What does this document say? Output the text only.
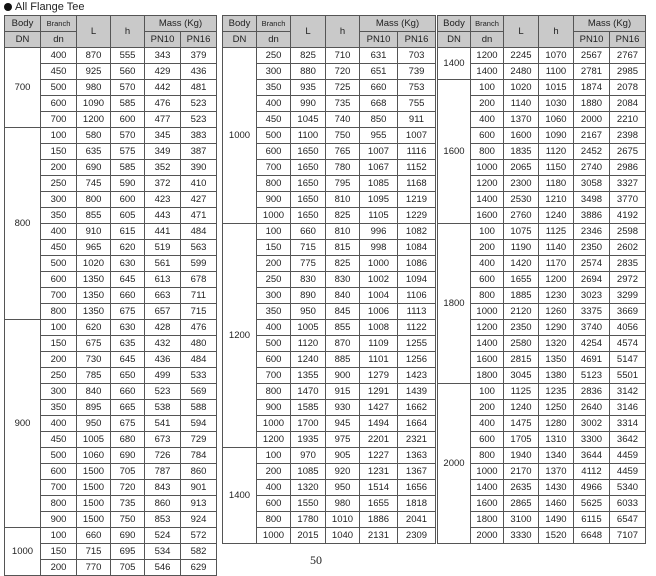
All Flange Tee
Body	Branch	L	h	Mass (Kg)	
DN	dn			PN10	PN16
700	400	870	555	343	379
	450	925	560	429	436
	500	980	570	442	481
	600	1090	585	476	523
	700	1200	600	477	523
800	100	580	570	345	383
	150	635	575	349	387
	200	690	585	352	390
	250	745	590	372	410
	300	800	600	423	427
	350	855	605	443	471
	400	910	615	441	484
	450	965	620	519	563
	500	1020	630	561	599
	600	1350	645	613	678
	700	1350	660	663	711
	800	1350	675	657	715
900	100	620	630	428	476
	150	675	635	432	480
	200	730	645	436	484
	250	785	650	499	533
	300	840	660	523	569
	350	895	665	538	588
	400	950	675	541	594
	450	1005	680	673	729
	500	1060	690	726	784
	600	1500	705	787	860
	700	1500	720	843	901
	800	1500	735	860	913
	900	1500	750	853	924
1000	100	660	690	524	572
	150	715	695	534	582
	200	770	705	546	629
Body	Branch	L	h	Mass (Kg)	
DN	dn			PN10	PN16
1000	250	825	710	631	703
	300	880	720	651	739
	350	935	725	660	753
	400	990	735	668	755
	450	1045	740	850	911
	500	1100	750	955	1007
	600	1650	765	1007	1116
	700	1650	780	1067	1152
	800	1650	795	1085	1168
	900	1650	810	1095	1219
	1000	1650	825	1105	1229
1200	100	660	810	996	1082
	150	715	815	998	1084
	200	775	825	1000	1086
	250	830	830	1002	1094
	300	890	840	1004	1106
	350	950	845	1006	1113
	400	1005	855	1008	1122
	500	1120	870	1109	1255
	600	1240	885	1101	1256
	700	1355	900	1279	1423
	800	1470	915	1291	1439
	900	1585	930	1427	1662
	1000	1700	945	1494	1664
	1200	1935	975	2201	2321
1400	100	970	905	1227	1363
	200	1085	920	1231	1367
	400	1320	950	1514	1656
	600	1550	980	1655	1818
	800	1780	1010	1886	2041
	1000	2015	1040	2131	2309
Body	Branch	L	h	Mass (Kg)	
DN	dn			PN10	PN16
1400	1200	2245	1070	2567	2767
	1400	2480	1100	2781	2985
1600	100	1020	1015	1874	2078
	200	1140	1030	1880	2084
	400	1370	1060	2000	2210
	600	1600	1090	2167	2398
	800	1835	1120	2452	2675
	1000	2065	1150	2740	2986
	1200	2300	1180	3058	3327
	1400	2530	1210	3498	3770
	1600	2760	1240	3886	4192
1800	100	1075	1125	2346	2598
	200	1190	1140	2350	2602
	400	1420	1170	2574	2835
	600	1655	1200	2694	2972
	800	1885	1230	3023	3299
	1000	2120	1260	3375	3669
	1200	2350	1290	3740	4056
	1400	2580	1320	4254	4574
	1600	2815	1350	4691	5147
	1800	3045	1380	5123	5501
2000	100	1125	1235	2836	3142
	200	1240	1250	2640	3146
	400	1475	1280	3002	3314
	600	1705	1310	3300	3642
	800	1940	1340	3644	4459
	1000	2170	1370	4112	4459
	1400	2635	1430	4966	5340
	1600	2865	1460	5625	6033
	1800	3100	1490	6115	6547
	2000	3330	1520	6648	7107
50
